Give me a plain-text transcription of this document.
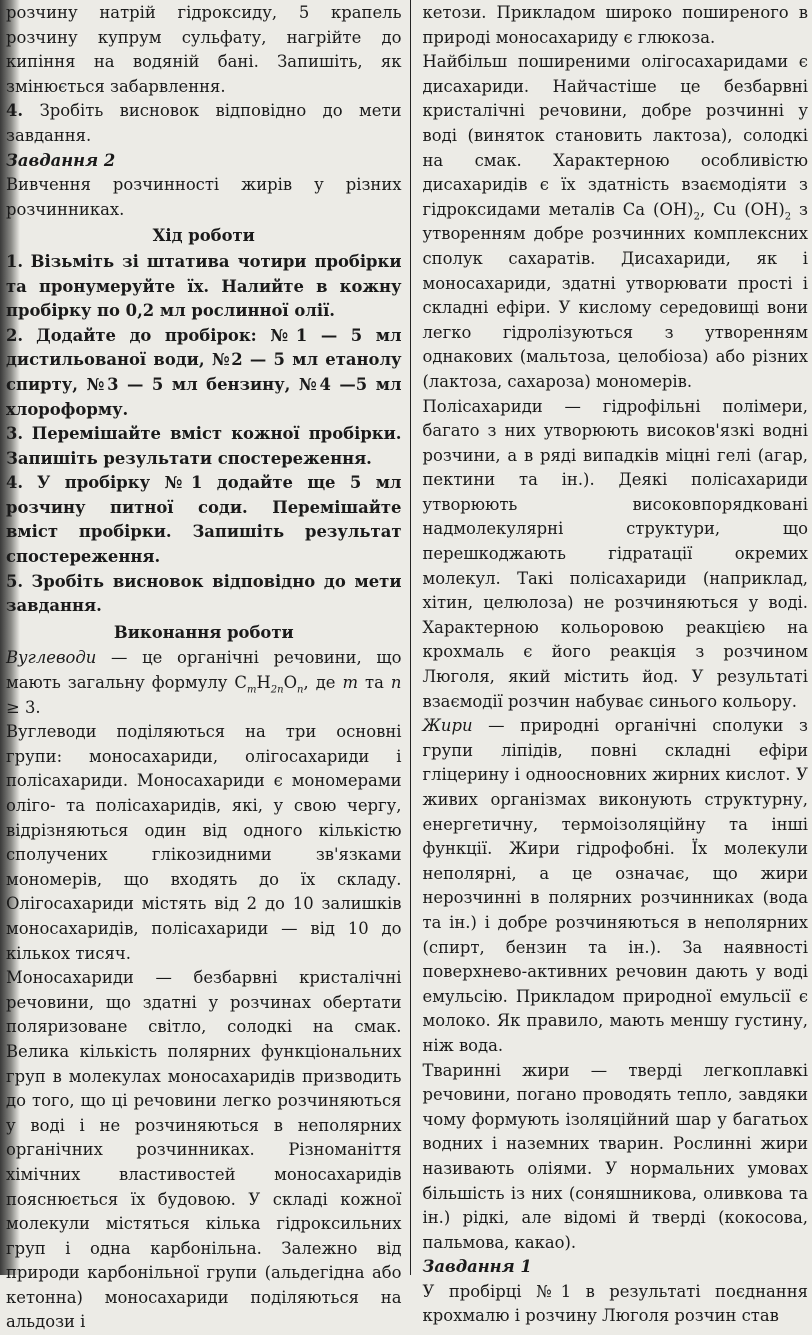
розчину натрій гідроксиду, 5 крапель розчину купрум сульфату, нагрійте до кипіння на водяній бані. Запишіть, як змінюється забарвлення.

4. Зробіть висновок відповідно до мети завдання.

Завдання 2

Вивчення розчинності жирів у різних розчинниках.

Хід роботи

1. Візьміть зі штатива чотири пробірки та пронумеруйте їх. Налийте в кожну пробірку по 0,2 мл рослинної олії.

2. Додайте до пробірок: №1 — 5 мл дистильованої води, №2 — 5 мл етанолу спирту, №3 — 5 мл бензину, №4 —5 мл хлороформу.

3. Перемішайте вміст кожної пробірки. Запишіть результати спостереження.

4. У пробірку №1 додайте ще 5 мл розчину питної соди. Перемішайте вміст пробірки. Запишіть результат спостереження.

5. Зробіть висновок відповідно до мети завдання.

Виконання роботи

Вуглеводи — це органічні речовини, що мають загальну формулу $C_mH_{2n}O_n$, де m та n ≥ 3.

Вуглеводи поділяються на три основні групи: моносахариди, олігосахариди і полісахариди. Моносахариди є мономерами оліго- та полісахаридів, які, у свою чергу, відрізняються один від одного кількістю сполучених глікозидними зв'язками мономерів, що входять до їх складу. Олігосахариди містять від 2 до 10 залишків моносахаридів, полісахариди — від 10 до кількох тисяч.

Моносахариди — безбарвні кристалічні речовини, що здатні у розчинах обертати поляризоване світло, солодкі на смак. Велика кількість полярних функціональних груп в молекулах моносахаридів призводить до того, що ці речовини легко розчиняються у воді і не розчиняються в неполярних органічних розчинниках. Різноманіття хімічних властивостей моносахаридів пояснюється їх будовою. У складі кожної молекули містяться кілька гідроксильних груп і одна карбонільна. Залежно від природи карбонільної групи (альдегідна або кетонна) моносахариди поділяються на альдози і

кетози. Прикладом широко поширеного в природі моносахариду є глюкоза.

Найбільш поширеними олігосахаридами є дисахариди. Найчастіше це безбарвні кристалічні речовини, добре розчинні у воді (виняток становить лактоза), солодкі на смак. Характерною особливістю дисахаридів є їх здатність взаємодіяти з гідроксидами металів Ca $(OH)_2$, Cu $(OH)_2$ з утворенням добре розчинних комплексних сполук сахаратів. Дисахариди, як і моносахариди, здатні утворювати прості і складні ефіри. У кислому середовищі вони легко гідролізуються з утворенням однакових (мальтоза, целобіоза) або різних (лактоза, сахароза) мономерів.

Полісахариди — гідрофільні полімери, багато з них утворюють високов'язкі водні розчини, а в ряді випадків міцні гелі (агар, пектини та ін.). Деякі полісахариди утворюють високовпорядковані надмолекулярні структури, що перешкоджають гідратації окремих молекул. Такі полісахариди (наприклад, хітин, целюлоза) не розчиняються у воді. Характерною кольоровою реакцією на крохмаль є його реакція з розчином Люголя, який містить йод. У результаті взаємодії розчин набуває синього кольору.

Жири — природні органічні сполуки з групи ліпідів, повні складні ефіри гліцерину і одноосновних жирних кислот. У живих організмах виконують структурну, енергетичну, термоізоляційну та інші функції. Жири гідрофобні. Їх молекули неполярні, а це означає, що жири нерозчинні в полярних розчинниках (вода та ін.) і добре розчиняються в неполярних (спирт, бензин та ін.). За наявності поверхнево-активних речовин дають у воді емульсію. Прикладом природної емульсії є молоко. Як правило, мають меншу густину, ніж вода.

Тваринні жири — тверді легкоплавкі речовини, погано проводять тепло, завдяки чому формують ізоляційний шар у багатьох водних і наземних тварин. Рослинні жири називають оліями. У нормальних умовах більшість із них (соняшникова, оливкова та ін.) рідкі, але відомі й тверді (кокосова, пальмова, какао).

Завдання 1

У пробірці №1 в результаті поєднання крохмалю і розчину Люголя розчин став
